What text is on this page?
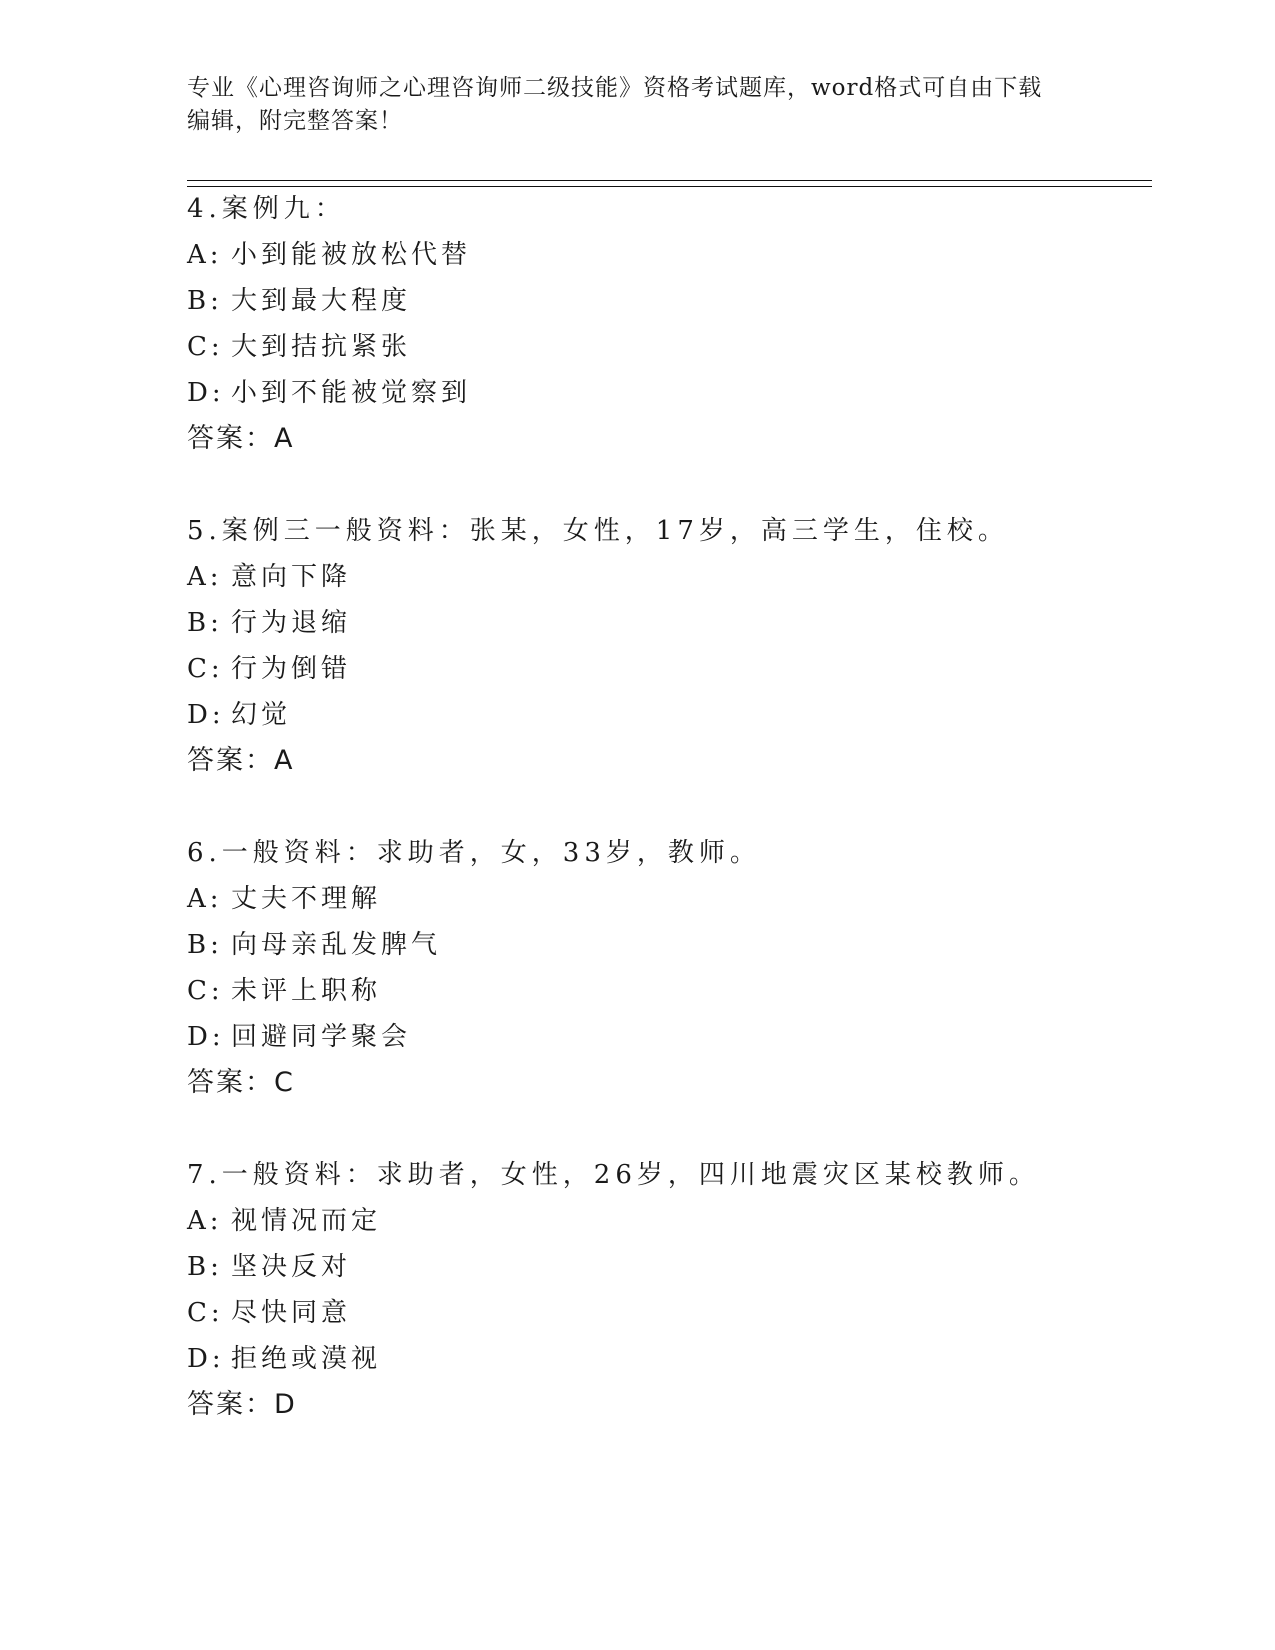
专业《心理咨询师之心理咨询师二级技能》资格考试题库，word格式可自由下载
编辑，附完整答案！
4.案例九：
A: 小到能被放松代替
B: 大到最大程度
C: 大到拮抗紧张
D: 小到不能被觉察到
答案：A
5.案例三一般资料：张某，女性，17岁，高三学生，住校。
A: 意向下降
B: 行为退缩
C: 行为倒错
D: 幻觉
答案：A
6.一般资料：求助者，女，33岁，教师。
A: 丈夫不理解
B: 向母亲乱发脾气
C: 未评上职称
D: 回避同学聚会
答案：C
7.一般资料：求助者，女性，26岁，四川地震灾区某校教师。
A: 视情况而定
B: 坚决反对
C: 尽快同意
D: 拒绝或漠视
答案：D
